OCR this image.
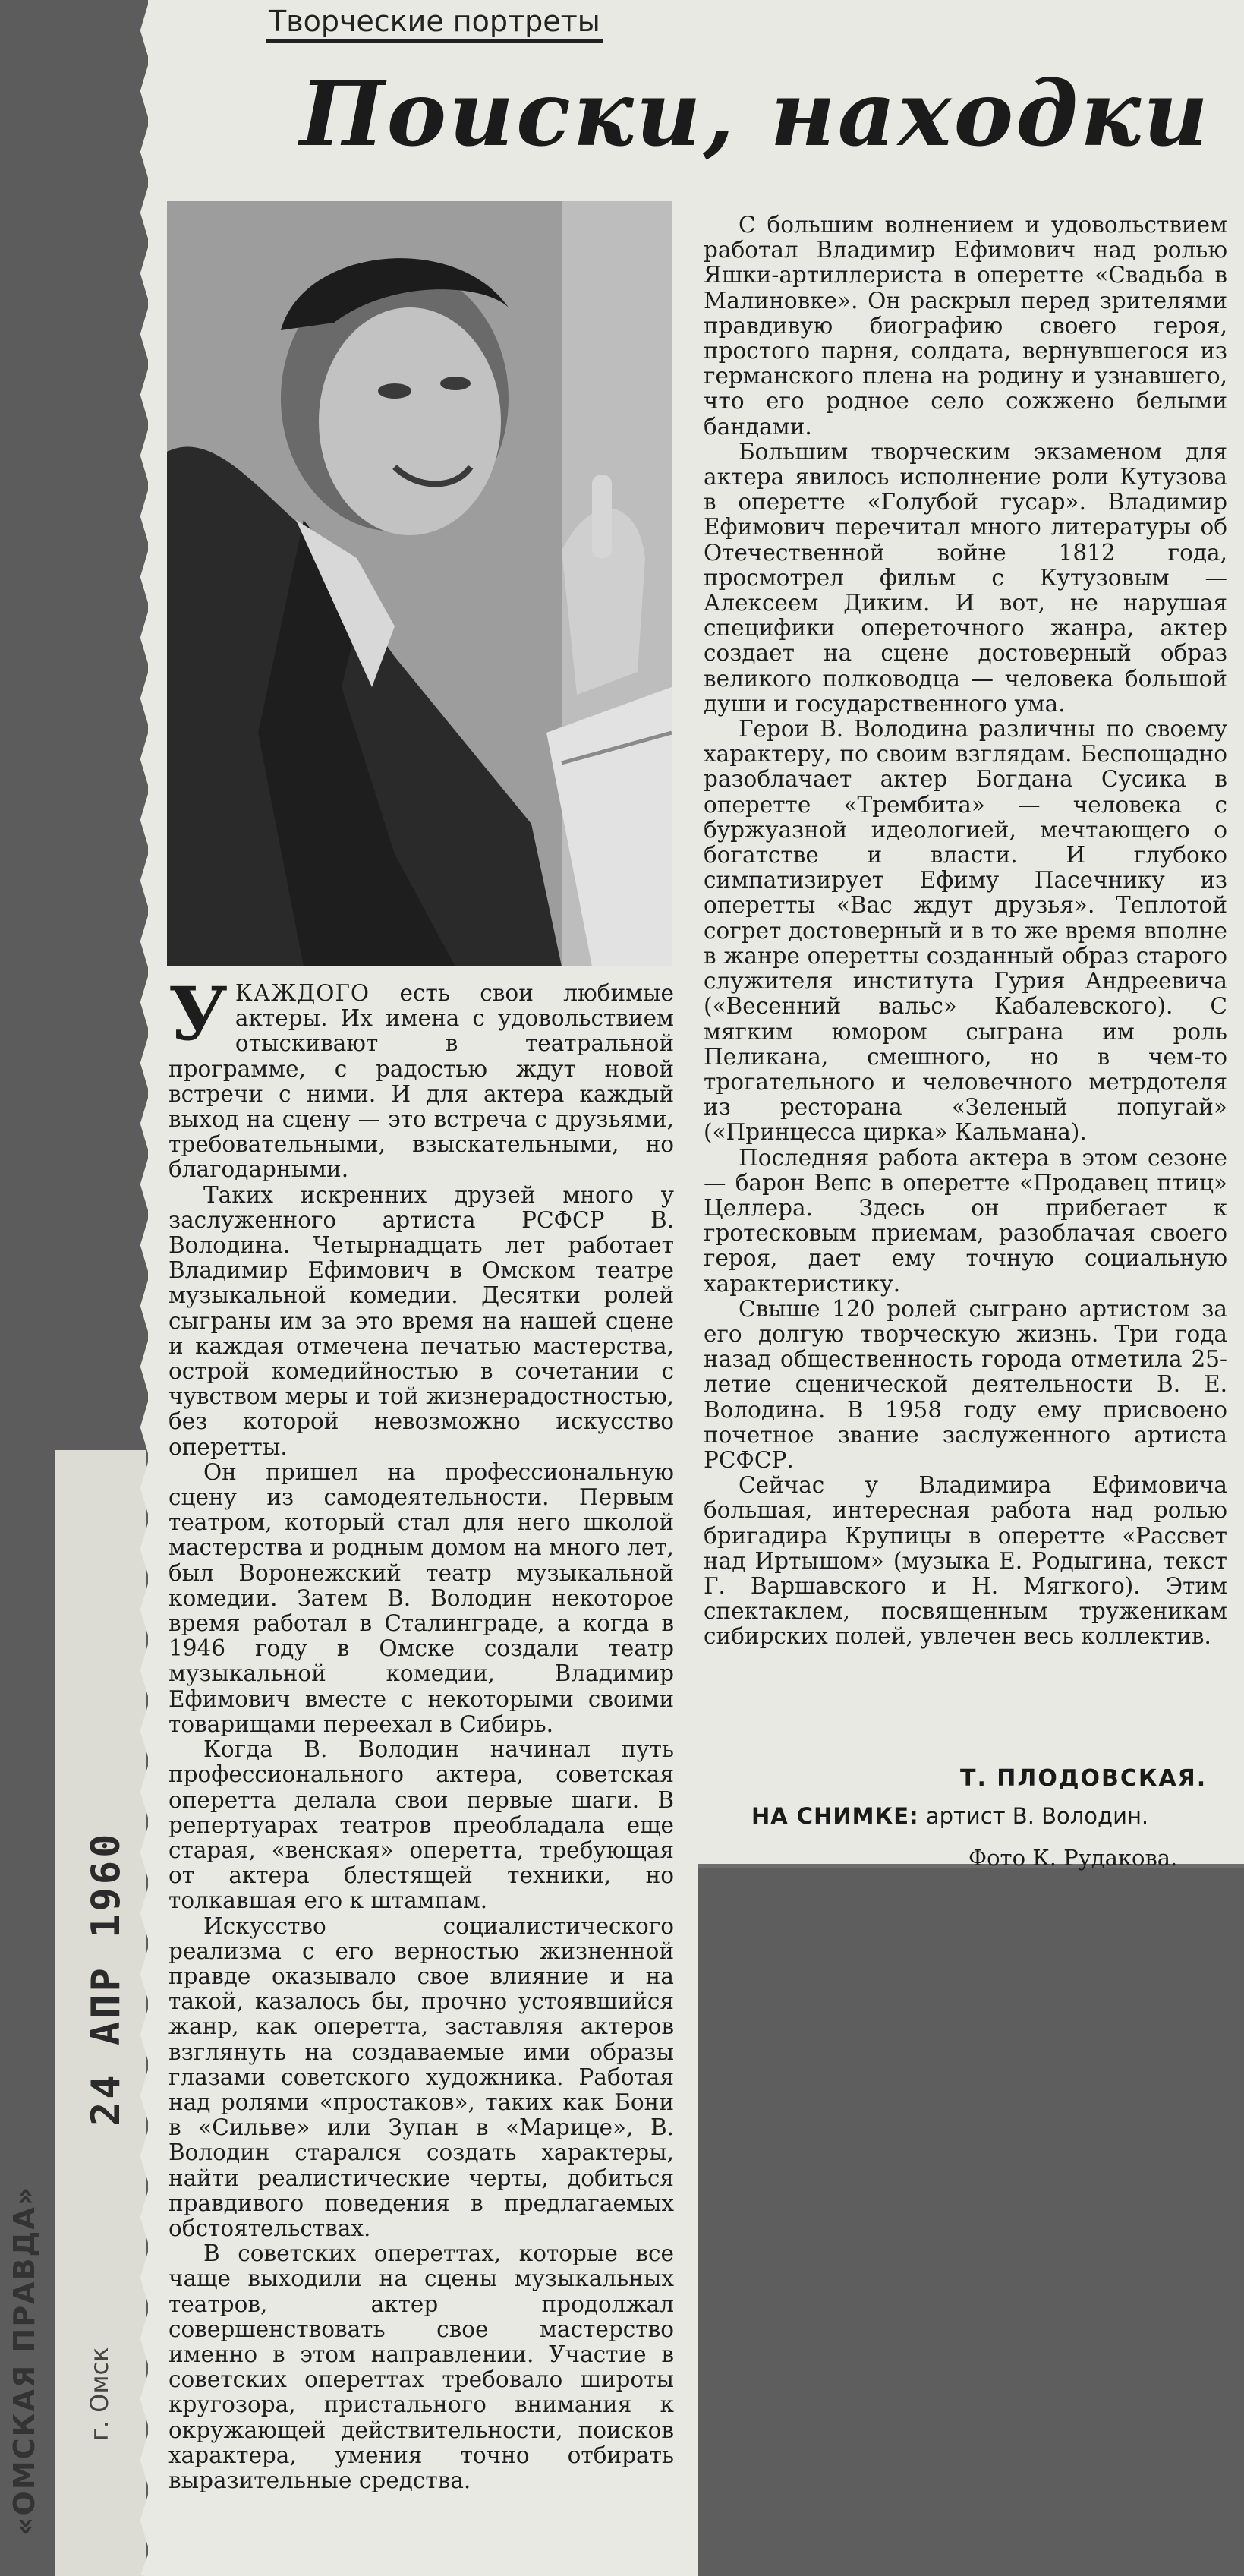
«ОМСКАЯ ПРАВДА» г. Омск
Творческие портреты
Поиски, находки
УКАЖДОГО есть свои любимые актеры. Их имена с удовольствием отыскивают в театральной программе, с радостью ждут новой встречи с ними. И для актера каждый выход на сцену — это встреча с друзьями, требовательными, взыскательными, но благодарными.

Таких искренних друзей много у заслуженного артиста РСФСР В. Володина. Четырнадцать лет работает Владимир Ефимович в Омском театре музыкальной комедии. Десятки ролей сыграны им за это время на нашей сцене и каждая отмечена печатью мастерства, острой комедийностью в сочетании с чувством меры и той жизнерадостностью, без которой невозможно искусство оперетты.

Он пришел на профессиональную сцену из самодеятельности. Первым театром, который стал для него школой мастерства и родным домом на много лет, был Воронежский театр музыкальной комедии. Затем В. Володин некоторое время работал в Сталинграде, а когда в 1946 году в Омске создали театр музыкальной комедии, Владимир Ефимович вместе с некоторыми своими товарищами переехал в Сибирь.

Когда В. Володин начинал путь профессионального актера, советская оперетта делала свои первые шаги. В репертуарах театров преобладала еще старая, «венская» оперетта, требующая от актера блестящей техники, но толкавшая его к штампам.

Искусство социалистического реализма с его верностью жизненной правде оказывало свое влияние и на такой, казалось бы, прочно устоявшийся жанр, как оперетта, заставляя актеров взглянуть на создаваемые ими образы глазами советского художника. Работая над ролями «простаков», таких как Бони в «Сильве» или Зупан в «Марице», В. Володин старался создать характеры, найти реалистические черты, добиться правдивого поведения в предлагаемых обстоятельствах.

В советских опереттах, которые все чаще выходили на сцены музыкальных театров, актер продолжал совершенствовать свое мастерство именно в этом направлении. Участие в советских опереттах требовало широты кругозора, пристального внимания к окружающей действительности, поисков характера, умения точно отбирать выразительные средства.

С большим волнением и удовольствием работал Владимир Ефимович над ролью Яшки-артиллериста в оперетте «Свадьба в Малиновке». Он раскрыл перед зрителями правдивую биографию своего героя, простого парня, солдата, вернувшегося из германского плена на родину и узнавшего, что его родное село сожжено белыми бандами.

Большим творческим экзаменом для актера явилось исполнение роли Кутузова в оперетте «Голубой гусар». Владимир Ефимович перечитал много литературы об Отечественной войне 1812 года, просмотрел фильм с Кутузовым — Алексеем Диким. И вот, не нарушая специфики опереточного жанра, актер создает на сцене достоверный образ великого полководца — человека большой души и государственного ума.

Герои В. Володина различны по своему характеру, по своим взглядам. Беспощадно разоблачает актер Богдана Сусика в оперетте «Трембита» — человека с буржуазной идеологией, мечтающего о богатстве и власти. И глубоко симпатизирует Ефиму Пасечнику из оперетты «Вас ждут друзья». Теплотой согрет достоверный и в то же время вполне в жанре оперетты созданный образ старого служителя института Гурия Андреевича («Весенний вальс» Кабалевского). С мягким юмором сыграна им роль Пеликана, смешного, но в чем-то трогательного и человечного метрдотеля из ресторана «Зеленый попугай» («Принцесса цирка» Кальмана).

Последняя работа актера в этом сезоне — барон Вепс в оперетте «Продавец птиц» Целлера. Здесь он прибегает к гротесковым приемам, разоблачая своего героя, дает ему точную социальную характеристику.

Свыше 120 ролей сыграно артистом за его долгую творческую жизнь. Три года назад общественность города отметила 25-летие сценической деятельности В. Е. Володина. В 1958 году ему присвоено почетное звание заслуженного артиста РСФСР.

Сейчас у Владимира Ефимовича большая, интересная работа над ролью бригадира Крупицы в оперетте «Рассвет над Иртышом» (музыка Е. Родыгина, текст Г. Варшавского и Н. Мягкого). Этим спектаклем, посвященным труженикам сибирских полей, увлечен весь коллектив.

Т. ПЛОДОВСКАЯ.
НА СНИМКЕ: артист В. Володин.
Фото К. Рудакова.
